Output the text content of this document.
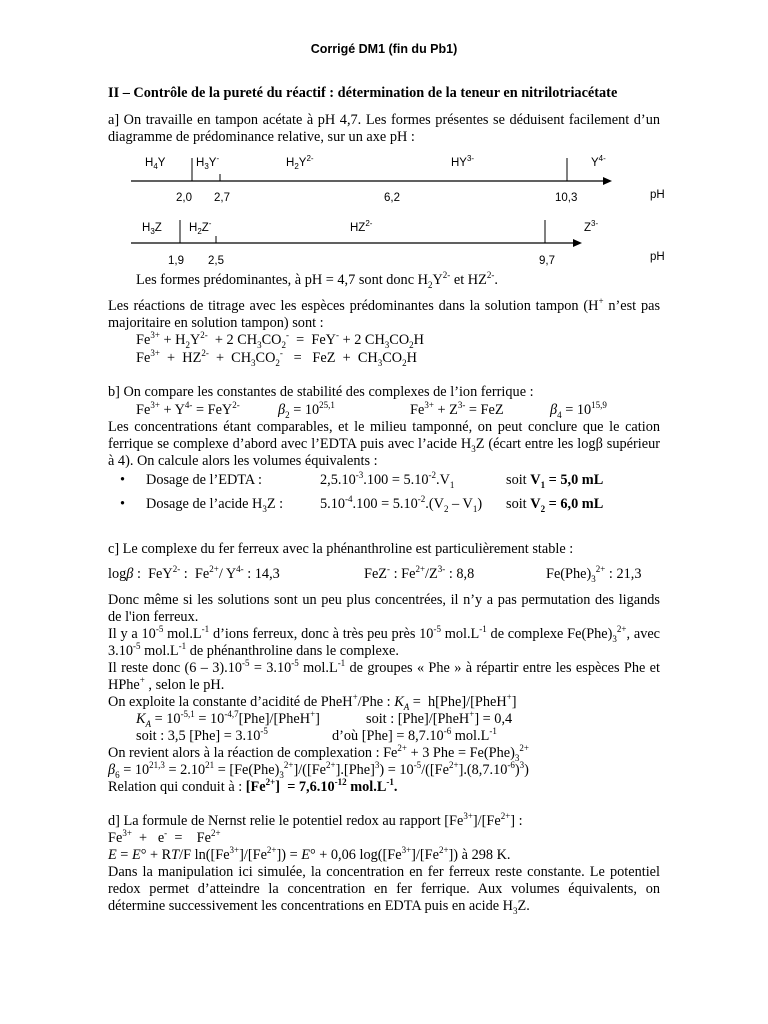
Corrigé DM1 (fin du Pb1)
II – Contrôle de la pureté du réactif : détermination de la teneur en nitrilotriacétate
a] On travaille en tampon acétate à pH 4,7. Les formes présentes se déduisent facilement d’un diagramme de prédominance relative, sur un axe pH :
$H_4Y$	$H_3Y^-$	$H_2Y^{2-}$	$HY^{3-}$	$Y^{4-}$
2,0 2,7	6,2	10,3	pH
$H_3Z$ $H_2Z^-$	$HZ^{2-}$	$Z^{3-}$
1,9 2,5	9,7	pH
Les formes prédominantes, à pH = 4,7 sont donc $H_2Y^{2-}$ et $HZ^{2-}$.
Les réactions de titrage avec les espèces prédominantes dans la solution tampon (H+ n’est pas majoritaire en solution tampon) sont :
$Fe^{3+} + H_2Y^{2-} + 2$ $CH_3CO_2^- = FeY^- + 2$ $CH_3CO_2H$
$Fe^{3+} + HZ^{2-} + CH_3CO_2^-$   =   FeZ  +  $CH_3CO_2H$
b] On compare les constantes de stabilité des complexes de l’ion ferrique :
$Fe^{3+} + Y^{4-} = FeY^{2-}$	$\beta_2 = 10^{25,1}$	$Fe^{3+} + Z^{3-}$ = FeZ	$\beta_4 = 10^{15,9}$
Les concentrations étant comparables, et le milieu tamponné, on peut conclure que le cation ferrique se complexe d’abord avec l’EDTA puis avec l’acide $H_3Z$ (écart entre les logβ supérieur à 4). On calcule alors les volumes équivalents :
• Dosage de l’EDTA :	$2,5.10^{-3}.100 = 5.10^{-2}.V_1$	soit $V_1 = 5,0$ mL
• Dosage de l’acide $H_3Z$ :	$5.10^{-4}.100 = 5.10^{-2}.(V_2 - V_1)$ soit $V_2 = 6,0$ mL
c] Le complexe du fer ferreux avec la phénanthroline est particulièrement stable :
logβ :  FeY$^{2-}$ :  $Fe^{2+}/$ $Y^{4-}$ : 14,3	FeZ- : $Fe^{2+}/Z^{3-}$ : 8,8	$Fe(Phe)_3^{2+}$ : 21,3
Donc même si les solutions sont un peu plus concentrées, il n’y a pas permutation des ligands de l'ion ferreux.
Il y a $10^{-5}$ $mol.L^{-1}$ d’ions ferreux, donc à très peu près $10^{-5}$ $mol.L^{-1}$ de complexe $Fe(Phe)_3^{2+}$, avec $3.10^{-5}$ $mol.L^{-1}$ de phénanthroline dans le complexe.
Il reste donc $(6 - 3).10^{-5} = 3.10^{-5}$ $mol.L^{-1}$ de groupes « Phe » à répartir entre les espèces Phe et HPhe+ , selon le pH.
On exploite la constante d’acidité de PheH+/Phe : $K_A$ =  h[Phe]/[PheH+]
$K_A = 10^{-5,1}$ = $10^{-4,7}[Phe]/[PheH^+]$	soit : [Phe]/[PheH+] = 0,4
soit : 3,5 $[Phe] = 3.10^{-5}$	d’où $[Phe] = 8,7.10^{-6}$ $mol.L^{-1}$
On revient alors à la réaction de complexation : $Fe^{2+} + 3$ Phe = $Fe(Phe)_3^{2+}$
$\beta_6 = 10^{21,3} = 2.10^{21} = [Fe(Phe)_3^{2+}]/([Fe^{2+}].[Phe]^3) = 10^{-5}/([Fe^{2+}].(8,7.10^{-6})^3)$
Relation qui conduit à : $[Fe^{2+}] = 7,6.10^{-12}$ $mol.L^{-1}$.
d] La formule de Nernst relie le potentiel redox au rapport $[Fe^{3+}]/[Fe^{2+}]$ :
$Fe^{3+} + e^-$  =    $Fe^{2+}$
E = E° + RT/F $\ln([Fe^{3+}]/[Fe^{2+}]) = E^\circ + 0,06$ $\log([Fe^{3+}]/[Fe^{2+}])$ à 298 K.
Dans la manipulation ici simulée, la concentration en fer ferreux reste constante. Le potentiel redox permet d’atteindre la concentration en fer ferrique. Aux volumes équivalents, on détermine successivement les concentrations en EDTA puis en acide $H_3Z$.
